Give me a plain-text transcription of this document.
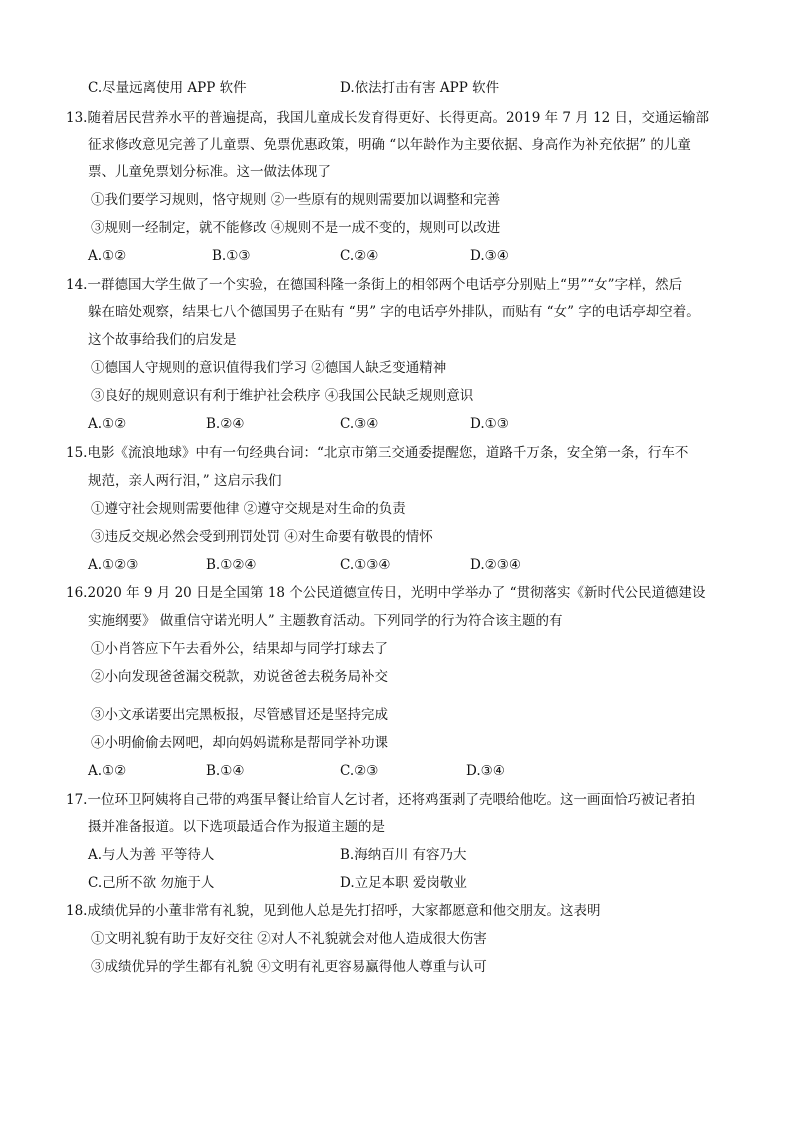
C.尽量远离使用 APP 软件	D.依法打击有害 APP 软件
13.随着居民营养水平的普遍提高，我国儿童成长发育得更好、长得更高。2019 年 7 月 12 日，交通运输部
征求修改意见完善了儿童票、免票优惠政策，明确 “以年龄作为主要依据、身高作为补充依据” 的儿童
票、儿童免票划分标准。这一做法体现了
①我们要学习规则，恪守规则 ②一些原有的规则需要加以调整和完善
③规则一经制定，就不能修改 ④规则不是一成不变的，规则可以改进
A.①②	B.①③	C.②④	D.③④
14.一群德国大学生做了一个实验，在德国科隆一条街上的相邻两个电话亭分别贴上“男”“女”字样，然后
躲在暗处观察，结果七八个德国男子在贴有 “男” 字的电话亭外排队，而贴有 “女” 字的电话亭却空着。
这个故事给我们的启发是
①德国人守规则的意识值得我们学习 ②德国人缺乏变通精神
③良好的规则意识有利于维护社会秩序 ④我国公民缺乏规则意识
A.①②	B.②④	C.③④	D.①③
15.电影《流浪地球》中有一句经典台词：“北京市第三交通委提醒您，道路千万条，安全第一条，行车不
规范，亲人两行泪，” 这启示我们
①遵守社会规则需要他律 ②遵守交规是对生命的负责
③违反交规必然会受到刑罚处罚 ④对生命要有敬畏的情怀
A.①②③	B.①②④	C.①③④	D.②③④
16.2020 年 9 月 20 日是全国第 18 个公民道德宣传日，光明中学举办了 “贯彻落实《新时代公民道德建设
实施纲要》 做重信守诺光明人” 主题教育活动。下列同学的行为符合该主题的有
①小肖答应下午去看外公，结果却与同学打球去了
②小向发现爸爸漏交税款，劝说爸爸去税务局补交
③小文承诺要出完黑板报，尽管感冒还是坚持完成
④小明偷偷去网吧，却向妈妈谎称是帮同学补功课
A.①②	B.①④	C.②③	D.③④
17.一位环卫阿姨将自己带的鸡蛋早餐让给盲人乞讨者，还将鸡蛋剥了壳喂给他吃。这一画面恰巧被记者拍
摄并准备报道。以下选项最适合作为报道主题的是
A.与人为善 平等待人	B.海纳百川 有容乃大
C.己所不欲 勿施于人	D.立足本职 爱岗敬业
18.成绩优异的小董非常有礼貌，见到他人总是先打招呼，大家都愿意和他交朋友。这表明
①文明礼貌有助于友好交往 ②对人不礼貌就会对他人造成很大伤害
③成绩优异的学生都有礼貌 ④文明有礼更容易赢得他人尊重与认可
